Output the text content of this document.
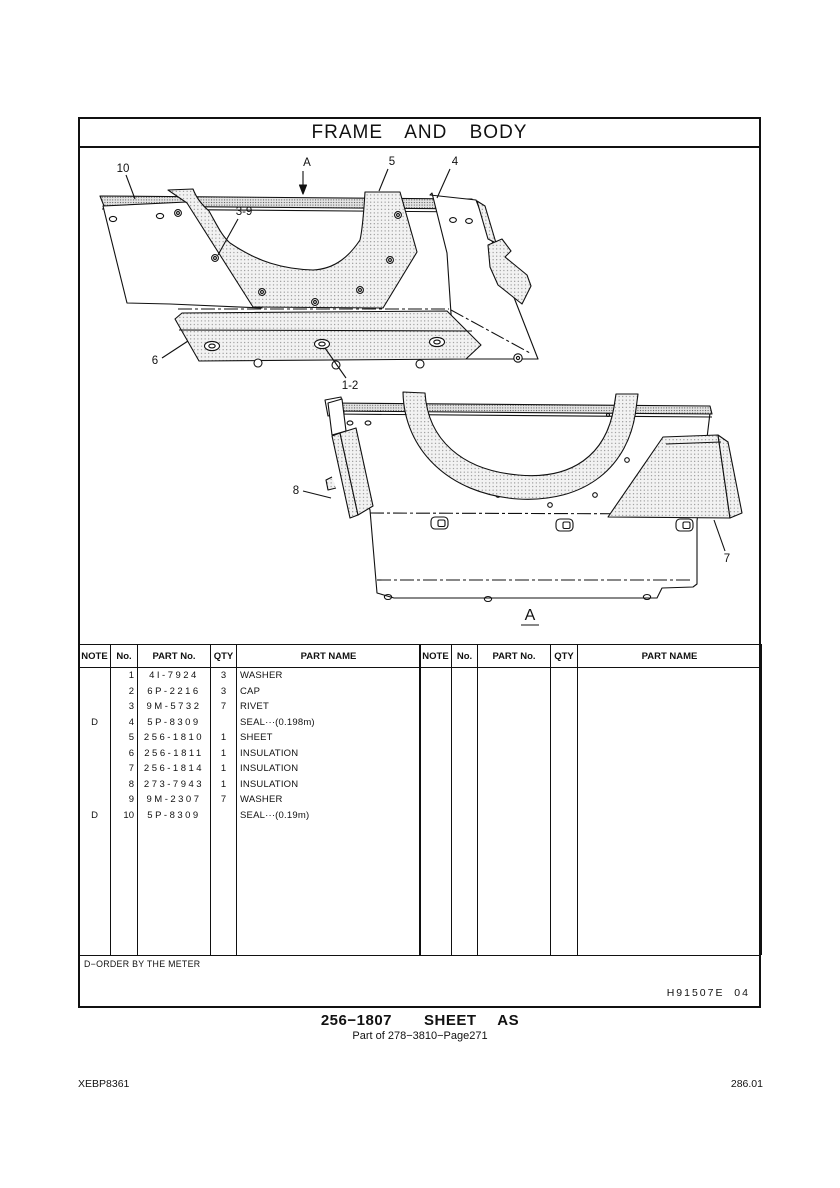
FRAME AND BODY
10	A	5	4
3-9
6
1-2
8
7
A
NOTE	No.	PART No.	QTY	PART NAME
	1	4I-7924	3	WASHER
	2	6P-2216	3	CAP
	3	9M-5732	7	RIVET
D	4	5P-8309		SEAL···(0.198m)
	5	256-1810	1	SHEET
	6	256-1811	1	INSULATION
	7	256-1814	1	INSULATION
	8	273-7943	1	INSULATION
	9	9M-2307	7	WASHER
D	10	5P-8309		SEAL···(0.19m)

NOTE	No.	PART No.	QTY	PART NAME

D−ORDER BY THE METER
H91507E  04
256−1807   SHEET  AS
Part of 278−3810−Page271
XEBP8361	286.01
